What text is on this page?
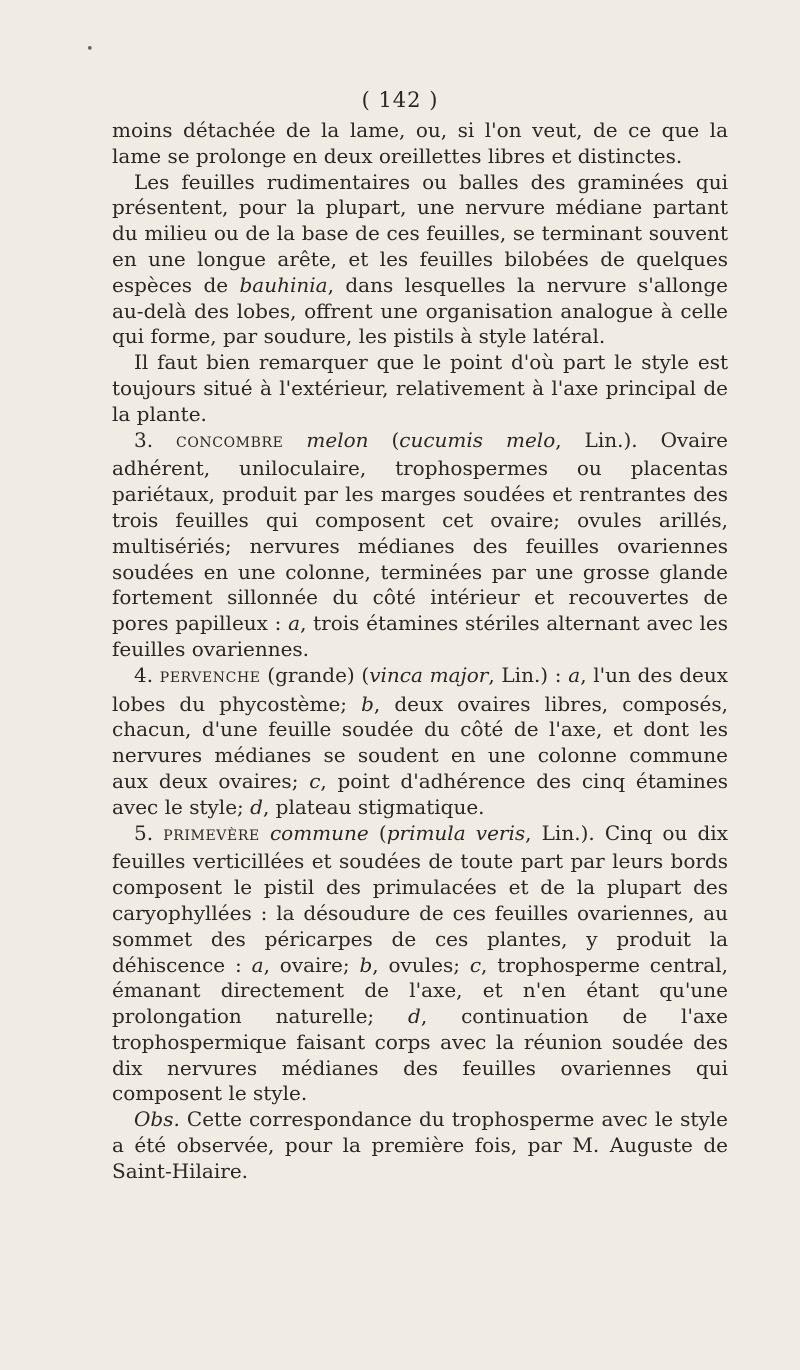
•
( 142 )

moins détachée de la lame, ou, si l'on veut, de ce que la lame se prolonge en deux oreillettes libres et distinctes.

Les feuilles rudimentaires ou balles des graminées qui présentent, pour la plupart, une nervure médiane partant du milieu ou de la base de ces feuilles, se terminant souvent en une longue arête, et les feuilles bilobées de quelques espèces de bauhinia, dans lesquelles la nervure s'allonge au-delà des lobes, offrent une organisation analogue à celle qui forme, par soudure, les pistils à style latéral.

Il faut bien remarquer que le point d'où part le style est toujours situé à l'extérieur, relativement à l'axe principal de la plante.

3. CONCOMBRE melon (cucumis melo, Lin.). Ovaire adhérent, uniloculaire, trophospermes ou placentas pariétaux, produit par les marges soudées et rentrantes des trois feuilles qui composent cet ovaire; ovules arillés, multisériés; nervures médianes des feuilles ovariennes soudées en une colonne, terminées par une grosse glande fortement sillonnée du côté intérieur et recouvertes de pores papilleux : a, trois étamines stériles alternant avec les feuilles ovariennes.

4. PERVENCHE (grande) (vinca major, Lin.) : a, l'un des deux lobes du phycostème; b, deux ovaires libres, composés, chacun, d'une feuille soudée du côté de l'axe, et dont les nervures médianes se soudent en une colonne commune aux deux ovaires; c, point d'adhérence des cinq étamines avec le style; d, plateau stigmatique.

5. PRIMEVÈRE commune (primula veris, Lin.). Cinq ou dix feuilles verticillées et soudées de toute part par leurs bords composent le pistil des primulacées et de la plupart des caryophyllées : la désoudure de ces feuilles ovariennes, au sommet des péricarpes de ces plantes, y produit la déhiscence : a, ovaire; b, ovules; c, trophosperme central, émanant directement de l'axe, et n'en étant qu'une prolongation naturelle; d, continuation de l'axe trophospermique faisant corps avec la réunion soudée des dix nervures médianes des feuilles ovariennes qui composent le style.

Obs. Cette correspondance du trophosperme avec le style a été observée, pour la première fois, par M. Auguste de Saint-Hilaire.
